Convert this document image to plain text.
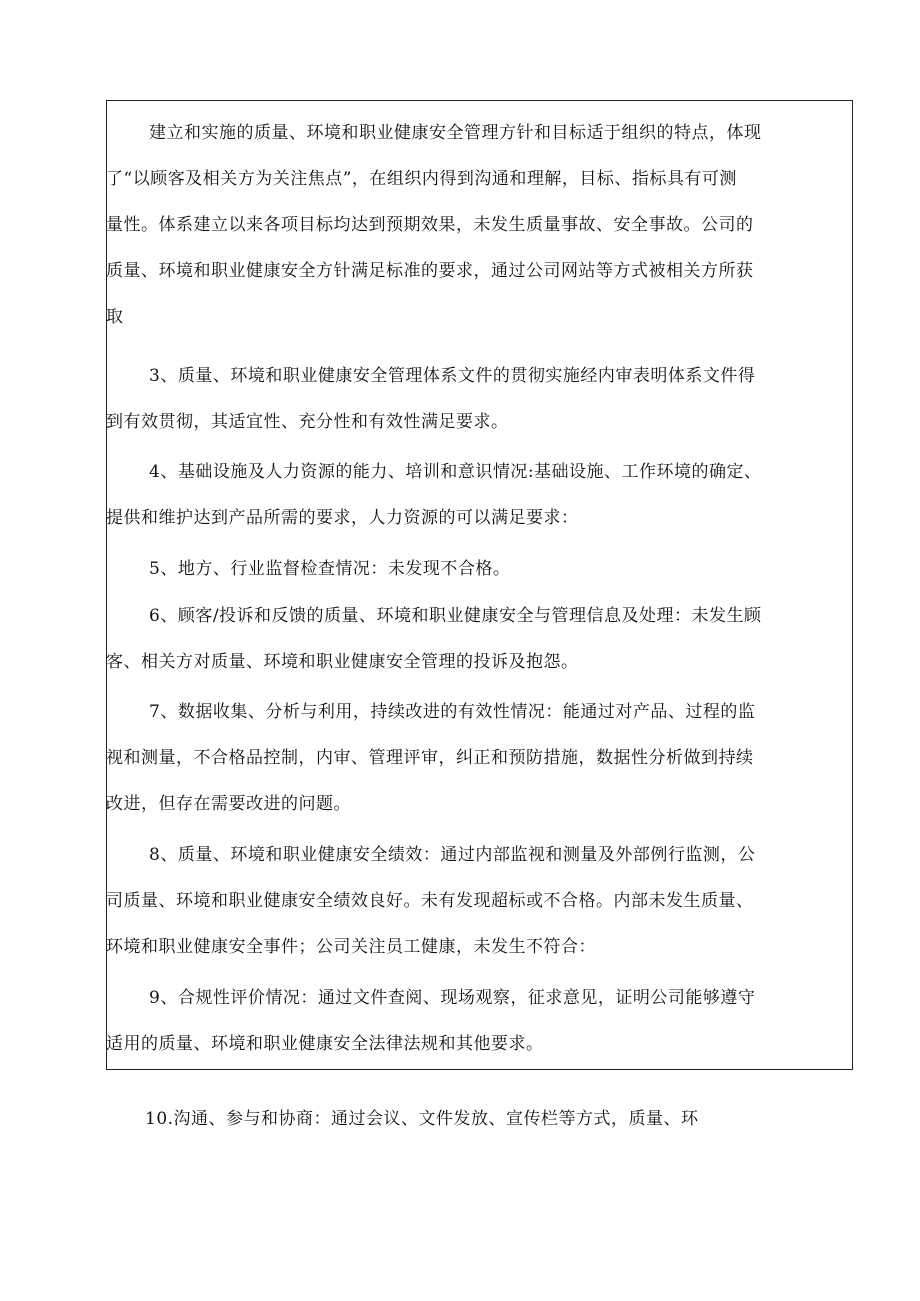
建立和实施的质量、环境和职业健康安全管理方针和目标适于组织的特点，体现
了“以顾客及相关方为关注焦点”，在组织内得到沟通和理解，目标、指标具有可测
量性。体系建立以来各项目标均达到预期效果，未发生质量事故、安全事故。公司的
质量、环境和职业健康安全方针满足标准的要求，通过公司网站等方式被相关方所获
取

3、质量、环境和职业健康安全管理体系文件的贯彻实施经内审表明体系文件得
到有效贯彻，其适宜性、充分性和有效性满足要求。

4、基础设施及人力资源的能力、培训和意识情况:基础设施、工作环境的确定、
提供和维护达到产品所需的要求，人力资源的可以满足要求：

5、地方、行业监督检查情况：未发现不合格。

6、顾客/投诉和反馈的质量、环境和职业健康安全与管理信息及处理：未发生顾
客、相关方对质量、环境和职业健康安全管理的投诉及抱怨。

7、数据收集、分析与利用，持续改进的有效性情况：能通过对产品、过程的监
视和测量，不合格品控制，内审、管理评审，纠正和预防措施，数据性分析做到持续
改进，但存在需要改进的问题。

8、质量、环境和职业健康安全绩效：通过内部监视和测量及外部例行监测，公
司质量、环境和职业健康安全绩效良好。未有发现超标或不合格。内部未发生质量、
环境和职业健康安全事件；公司关注员工健康，未发生不符合：

9、合规性评价情况：通过文件查阅、现场观察，征求意见，证明公司能够遵守
适用的质量、环境和职业健康安全法律法规和其他要求。

10.沟通、参与和协商：通过会议、文件发放、宣传栏等方式，质量、环
